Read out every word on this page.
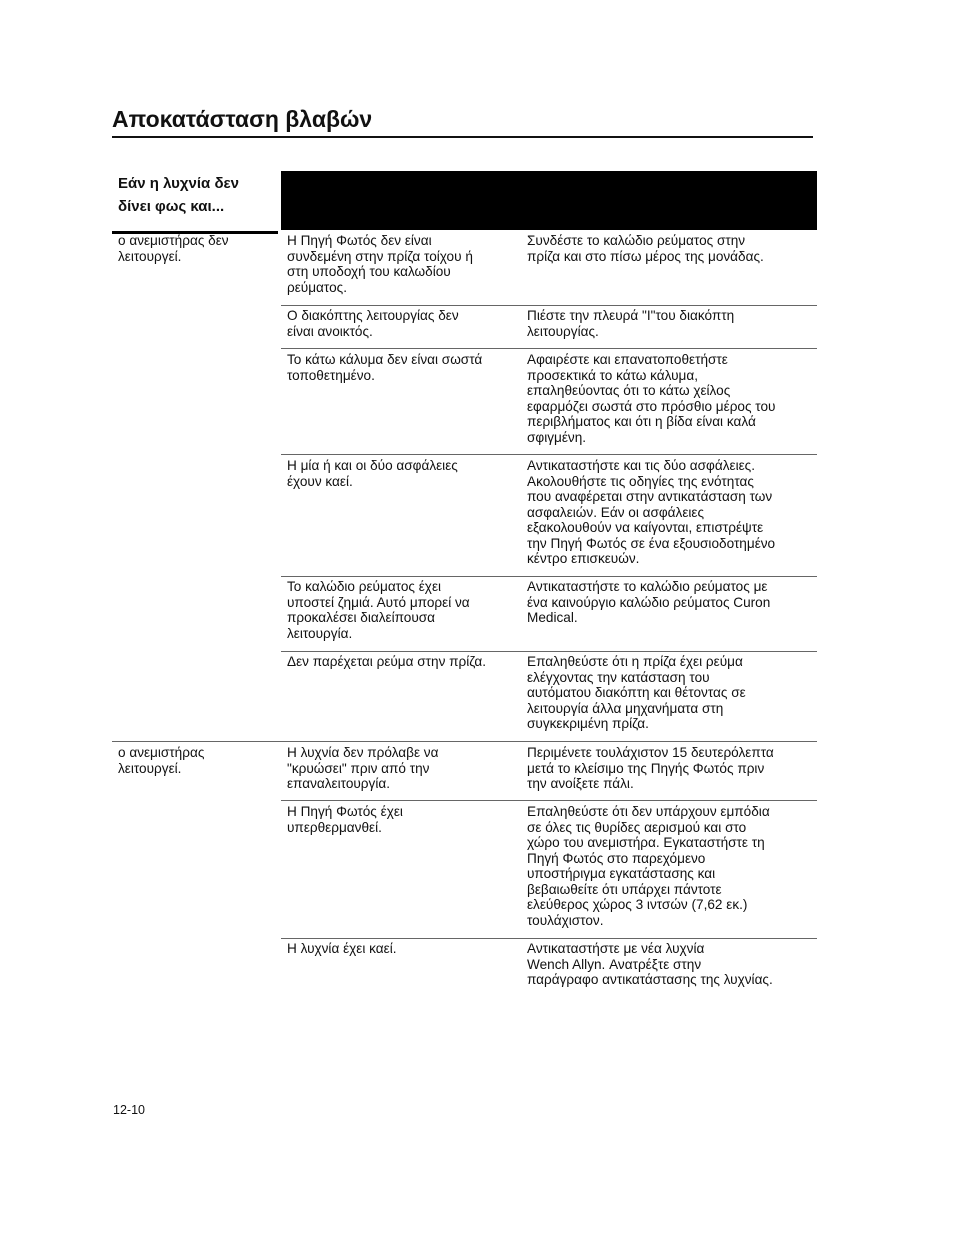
Αποκατάσταση βλαβών

Εάν η λυχνία δεν
δίνει φως και...

ο ανεμιστήρας δεν
λειτουργεί.
Η Πηγή Φωτός δεν είναι
συνδεμένη στην πρίζα τοίχου ή
στη υποδοχή του καλωδίου
ρεύματος.
Συνδέστε το καλώδιο ρεύματος στην
πρίζα και στο πίσω μέρος της μονάδας.
Ο διακόπτης λειτουργίας δεν
είναι ανοικτός.
Πιέστε την πλευρά "I"του διακόπτη
λειτουργίας.
Το κάτω κάλυμα δεν είναι σωστά
τοποθετημένο.
Αφαιρέστε και επανατοποθετήστε
προσεκτικά το κάτω κάλυμα,
επαληθεύοντας ότι το κάτω χείλος
εφαρμόζει σωστά στο πρόσθιο μέρος του
περιβλήματος και ότι η βίδα είναι καλά
σφιγμένη.
Η μία ή και οι δύο ασφάλειες
έχουν καεί.
Αντικαταστήστε και τις δύο ασφάλειες.
Ακολουθήστε τις οδηγίες της ενότητας
που αναφέρεται στην αντικατάσταση των
ασφαλειών. Εάν οι ασφάλειες
εξακολουθούν να καίγονται, επιστρέψτε
την Πηγή Φωτός σε ένα εξουσιοδοτημένο
κέντρο επισκευών.
Το καλώδιο ρεύματος έχει
υποστεί ζημιά. Αυτό μπορεί να
προκαλέσει διαλείπουσα
λειτουργία.
Αντικαταστήστε το καλώδιο ρεύματος με
ένα καινούργιο καλώδιο ρεύματος Curon
Medical.
Δεν παρέχεται ρεύμα στην πρίζα.	Επαληθεύστε ότι η πρίζα έχει ρεύμα
ελέγχοντας την κατάσταση του
αυτόματου διακόπτη και θέτοντας σε
λειτουργία άλλα μηχανήματα στη
συγκεκριμένη πρίζα.
ο ανεμιστήρας
λειτουργεί.
Η λυχνία δεν πρόλαβε να
"κρυώσει" πριν από την
επαναλειτουργία.
Περιμένετε τουλάχιστον 15 δευτερόλεπτα
μετά το κλείσιμο της Πηγής Φωτός πριν
την ανοίξετε πάλι.
Η Πηγή Φωτός έχει
υπερθερμανθεί.
Επαληθεύστε ότι δεν υπάρχουν εμπόδια
σε όλες τις θυρίδες αερισμού και στο
χώρο του ανεμιστήρα. Εγκαταστήστε τη
Πηγή Φωτός στο παρεχόμενο
υποστήριγμα εγκατάστασης και
βεβαιωθείτε ότι υπάρχει πάντοτε
ελεύθερος χώρος 3 ιντσών (7,62 εκ.)
τουλάχιστον.
Η λυχνία έχει καεί.	Αντικαταστήστε με νέα λυχνία
Wench Allyn. Ανατρέξτε στην
παράγραφο αντικατάστασης της λυχνίας.
12-10
